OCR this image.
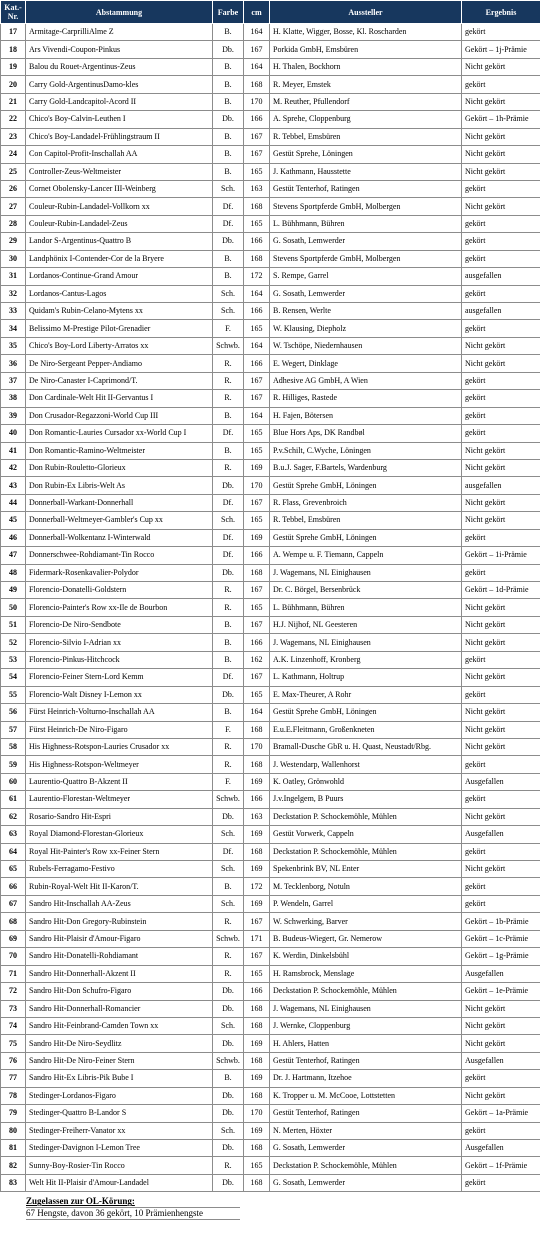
Kat.-Nr.	Abstammung	Farbe	cm	Aussteller	Ergebnis
17	Armitage-CarprilliAlme Z	B.	164	H. Klatte, Wigger, Bosse, Kl. Roscharden	gekört
18	Ars Vivendi-Coupon-Pinkus	Db.	167	Porkida GmbH, Emsbüren	Gekört – 1j-Prämie
19	Balou du Rouet-Argentinus-Zeus	B.	164	H. Thalen, Bockhorn	Nicht gekört
20	Carry Gold-ArgentinusDamo-kles	B.	168	R. Meyer, Emstek	gekört
21	Carry Gold-Landcapitol-Acord II	B.	170	M. Reuther, Pfullendorf	Nicht gekört
22	Chico's Boy-Calvin-Leuthen I	Db.	166	A. Sprehe, Cloppenburg	Gekört – 1h-Prämie
23	Chico's Boy-Landadel-Frühlingstraum II	B.	167	R. Tebbel, Emsbüren	Nicht gekört
24	Con Capitol-Profit-Inschallah AA	B.	167	Gestüt Sprehe, Löningen	Nicht gekört
25	Controller-Zeus-Weltmeister	B.	165	J. Kathmann, Hausstette	Nicht gekört
26	Cornet Obolensky-Lancer III-Weinberg	Sch.	163	Gestüt Tenterhof, Ratingen	gekört
27	Couleur-Rubin-Landadel-Vollkorn xx	Df.	168	Stevens Sportpferde GmbH, Molbergen	Nicht gekört
28	Couleur-Rubin-Landadel-Zeus	Df.	165	L. Bühhmann, Bühren	gekört
29	Landor S-Argentinus-Quattro B	Db.	166	G. Sosath, Lemwerder	gekört
30	Landphönix I-Contender-Cor de la Bryere	B.	168	Stevens Sportpferde GmbH, Molbergen	gekört
31	Lordanos-Continue-Grand Amour	B.	172	S. Rempe, Garrel	ausgefallen
32	Lordanos-Cantus-Lagos	Sch.	164	G. Sosath, Lemwerder	gekört
33	Quidam's Rubin-Celano-Mytens xx	Sch.	166	B. Rensen, Werlte	ausgefallen
34	Belissimo M-Prestige Pilot-Grenadier	F.	165	W. Klausing, Diepholz	gekört
35	Chico's Boy-Lord Liberty-Arratos xx	Schwb.	164	W. Tschöpe, Niedernhausen	Nicht gekört
36	De Niro-Sergeant Pepper-Andiamo	R.	166	E. Wegert, Dinklage	Nicht gekört
37	De Niro-Canaster I-Caprimond/T.	R.	167	Adhesive AG GmbH, A Wien	gekört
38	Don Cardinale-Welt Hit II-Gervantus I	R.	167	R. Hilliges, Rastede	gekört
39	Don Crusador-Regazzoni-World Cup III	B.	164	H. Fajen, Bötersen	gekört
40	Don Romantic-Lauries Cursador xx-World Cup I	Df.	165	Blue Hors Aps, DK Randbøl	gekört
41	Don Romantic-Ramino-Weltmeister	B.	165	P.v.Schilt, C.Wyche, Löningen	Nicht gekört
42	Don Rubin-Rouletto-Glorieux	R.	169	B.u.J. Sager, F.Bartels, Wardenburg	Nicht gekört
43	Don Rubin-Ex Libris-Welt As	Db.	170	Gestüt Sprehe GmbH, Löningen	ausgefallen
44	Donnerball-Warkant-Donnerhall	Df.	167	R. Flass, Grevenbroich	Nicht gekört
45	Donnerball-Weltmeyer-Gambler's Cup xx	Sch.	165	R. Tebbel, Emsbüren	Nicht gekört
46	Donnerball-Wolkentanz I-Winterwald	Df.	169	Gestüt Sprehe GmbH, Löningen	gekört
47	Donnerschwee-Rohdiamant-Tin Rocco	Df.	166	A. Wempe u. F. Tiemann, Cappeln	Gekört – 1i-Prämie
48	Fidermark-Rosenkavalier-Polydor	Db.	168	J. Wagemans, NL Einighausen	gekört
49	Florencio-Donatelli-Goldstern	R.	167	Dr. C. Börgel, Bersenbrück	Gekört – 1d-Prämie
50	Florencio-Painter's Row xx-Ile de Bourbon	R.	165	L. Bühhmann, Bühren	Nicht gekört
51	Florencio-De Niro-Sendbote	B.	167	H.J. Nijhof, NL Geesteren	Nicht gekört
52	Florencio-Silvio I-Adrian xx	B.	166	J. Wagemans, NL Einighausen	Nicht gekört
53	Florencio-Pinkus-Hitchcock	B.	162	A.K. Linzenhoff, Kronberg	gekört
54	Florencio-Feiner Stern-Lord Kemm	Df.	167	L. Kathmann, Holtrup	Nicht gekört
55	Florencio-Walt Disney I-Lemon xx	Db.	165	E. Max-Theurer, A Rohr	gekört
56	Fürst Heinrich-Volturno-Inschallah AA	B.	164	Gestüt Sprehe GmbH, Löningen	Nicht gekört
57	Fürst Heinrich-De Niro-Figaro	F.	168	E.u.E.Fleitmann, Großenkneten	Nicht gekört
58	His Highness-Rotspon-Lauries Crusador xx	R.	170	Bramall-Dusche GbR u. H. Quast, Neustadt/Rbg.	Nicht gekört
59	His Highness-Rotspon-Weltmeyer	R.	168	J. Westendarp, Wallenhorst	gekört
60	Laurentio-Quattro B-Akzent II	F.	169	K. Oatley, Grönwohld	Ausgefallen
61	Laurentio-Florestan-Weltmeyer	Schwb.	166	J.v.Ingelgem, B Puurs	gekört
62	Rosario-Sandro Hit-Espri	Db.	163	Deckstation P. Schockemöhle, Mühlen	Nicht gekört
63	Royal Diamond-Florestan-Glorieux	Sch.	169	Gestüt Vorwerk, Cappeln	Ausgefallen
64	Royal Hit-Painter's Row xx-Feiner Stern	Df.	168	Deckstation P. Schockemöhle, Mühlen	gekört
65	Rubels-Ferragamo-Festivo	Sch.	169	Spekenbrink BV, NL Enter	Nicht gekört
66	Rubin-Royal-Welt Hit II-Karon/T.	B.	172	M. Tecklenborg, Notuln	gekört
67	Sandro Hit-Inschallah AA-Zeus	Sch.	169	P. Wendeln, Garrel	gekört
68	Sandro Hit-Don Gregory-Rubinstein	R.	167	W. Schwerking, Barver	Gekört – 1b-Prämie
69	Sandro Hit-Plaisir d'Amour-Figaro	Schwb.	171	B. Budeus-Wiegert, Gr. Nemerow	Gekört – 1c-Prämie
70	Sandro Hit-Donatelli-Rohdiamant	R.	167	K. Werdin, Dinkelsbühl	Gekört – 1g-Prämie
71	Sandro Hit-Donnerhall-Akzent II	R.	165	H. Ramsbrock, Menslage	Ausgefallen
72	Sandro Hit-Don Schufro-Figaro	Db.	166	Deckstation P. Schockemöhle, Mühlen	Gekört – 1e-Prämie
73	Sandro Hit-Donnerhall-Romancier	Db.	168	J. Wagemans, NL Einighausen	Nicht gekört
74	Sandro Hit-Feinbrand-Camden Town xx	Sch.	168	J. Wernke, Cloppenburg	Nicht gekört
75	Sandro Hit-De Niro-Seydlitz	Db.	169	H. Ahlers, Hatten	Nicht gekört
76	Sandro Hit-De Niro-Feiner Stern	Schwb.	168	Gestüt Tenterhof, Ratingen	Ausgefallen
77	Sandro Hit-Ex Libris-Pik Bube I	B.	169	Dr. J. Hartmann, Itzehoe	gekört
78	Stedinger-Lordanos-Figaro	Db.	168	K. Tropper u. M. McCooe, Lottstetten	Nicht gekört
79	Stedinger-Quattro B-Landor S	Db.	170	Gestüt Tenterhof, Ratingen	Gekört – 1a-Prämie
80	Stedinger-Freiherr-Vanator xx	Sch.	169	N. Merten, Höxter	gekört
81	Stedinger-Davignon I-Lemon Tree	Db.	168	G. Sosath, Lemwerder	Ausgefallen
82	Sunny-Boy-Rosier-Tin Rocco	R.	165	Deckstation P. Schockemöhle, Mühlen	Gekört – 1f-Prämie
83	Welt Hit II-Plaisir d'Amour-Landadel	Db.	168	G. Sosath, Lemwerder	gekört
Zugelassen zur OL-Körung:
67 Hengste, davon 36 gekört, 10 Prämienhengste
